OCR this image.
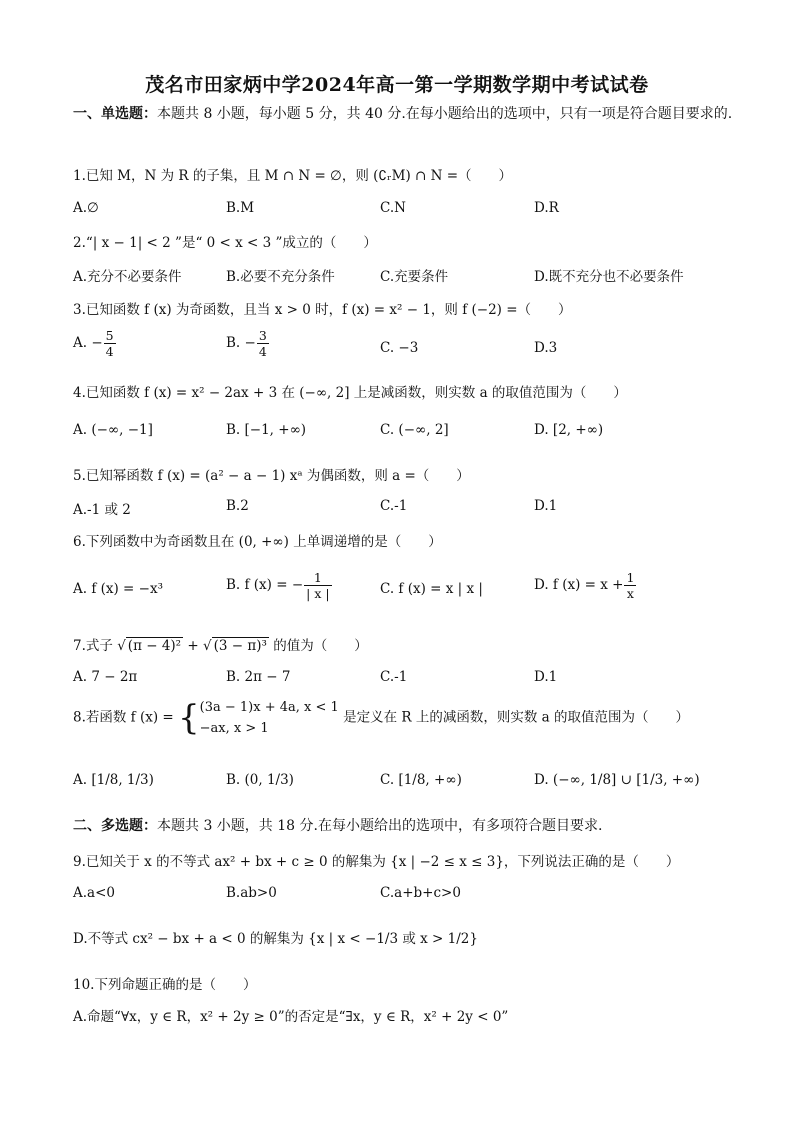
茂名市田家炳中学2024年高一第一学期数学期中考试试卷
一、单选题：本题共 8 小题，每小题 5 分，共 40 分.在每小题给出的选项中，只有一项是符合题目要求的.
1.已知 M，N 为 R 的子集，且 M ∩ N = ∅，则 (∁ᵣM) ∩ N =（　　）
A.∅	B.M	C.N	D.R
2.“| x − 1| < 2 ”是“ 0 < x < 3 ”成立的（　　）
A.充分不必要条件	B.必要不充分条件	C.充要条件	D.既不充分也不必要条件
3.已知函数 f (x) 为奇函数，且当 x > 0 时，f (x) = x² − 1，则 f (−2) =（　　）
A. − $\frac{5}{4}$	B. − $\frac{3}{4}$	C. −3	D.3
4.已知函数 f (x) = x² − 2ax + 3 在 (−∞, 2] 上是减函数，则实数 a 的取值范围为（　　）
A. (−∞, −1]	B. [−1, +∞)	C. (−∞, 2]	D. [2, +∞)
5.已知幂函数 f (x) = (a² − a − 1) xᵃ 为偶函数，则 a =（　　）
A.-1 或 2	B.2	C.-1	D.1
6.下列函数中为奇函数且在 (0, +∞) 上单调递增的是（　　）
A. f (x) = −x³	B. f (x) = − $\frac{1}{| x |}$	C. f (x) = x | x |	D. f $(x) = x + \frac{1}{x}$
7.式子 √ (π − 4)² + √ (3 − π)³ 的值为（　　）
A. 7 − 2π	B. 2π − 7	C.-1	D.1
8.若函数 f (x) = { (3a − 1)x + 4a, x < 1
−ax, x > 1
是定义在 R 上的减函数，则实数 a 的取值范围为（　　）
A. [1/8, 1/3)	B. (0, 1/3)	C. [1/8, +∞)	D. (−∞, 1/8] ∪ [1/3, +∞)
二、多选题：本题共 3 小题，共 18 分.在每小题给出的选项中，有多项符合题目要求.
9.已知关于 x 的不等式 ax² + bx + c ≥ 0 的解集为 {x | −2 ≤ x ≤ 3}，下列说法正确的是（　　）
A.a<0	B.ab>0	C.a+b+c>0
D.不等式 cx² − bx + a < 0 的解集为 {x | x < −1/3 或 x > 1/2}
10.下列命题正确的是（　　）
A.命题“∀x，y ∈ R，x² + 2y ≥ 0”的否定是“∃x，y ∈ R，x² + 2y < 0”
